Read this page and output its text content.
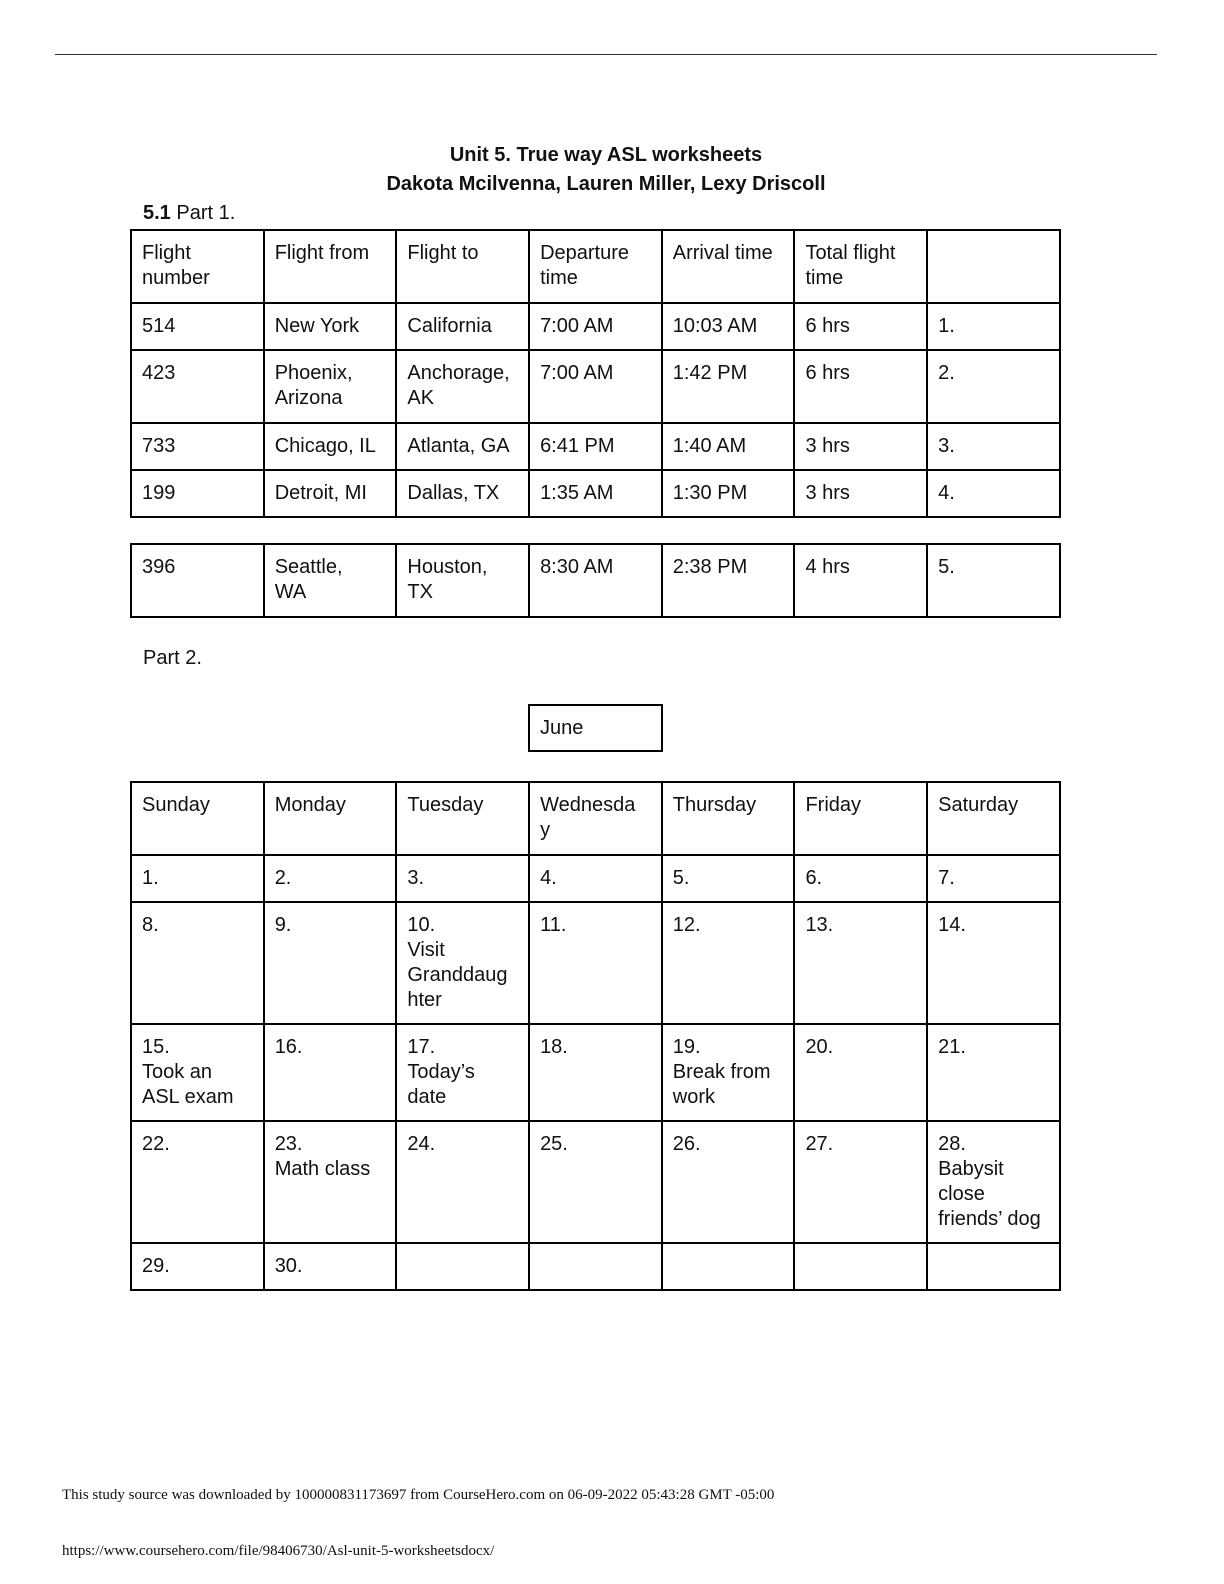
Unit 5. True way ASL worksheets
Dakota Mcilvenna, Lauren Miller, Lexy Driscoll
5.1 Part 1.
Flight
number	Flight from	Flight to	Departure
time	Arrival time	Total flight
time	
514	New York	California	7:00 AM	10:03 AM	6 hrs	1.
423	Phoenix,
Arizona	Anchorage,
AK	7:00 AM	1:42 PM	6 hrs	2.
733	Chicago, IL	Atlanta, GA	6:41 PM	1:40 AM	3 hrs	3.
199	Detroit, MI	Dallas, TX	1:35 AM	1:30 PM	3 hrs	4.
396	Seattle,
WA	Houston,
TX	8:30 AM	2:38 PM	4 hrs	5.
Part 2.
June
Sunday	Monday	Tuesday	Wednesda
y	Thursday	Friday	Saturday
1.	2.	3.	4.	5.	6.	7.
8.	9.	10.
Visit
Granddaug
hter	11.	12.	13.	14.
15.
Took an
ASL exam	16.	17.
Today’s
date	18.	19.
Break from
work	20.	21.
22.	23.
Math class	24.	25.	26.	27.	28.
Babysit
close
friends’ dog
29.	30.					
This study source was downloaded by 100000831173697 from CourseHero.com on 06-09-2022 05:43:28 GMT -05:00
https://www.coursehero.com/file/98406730/Asl-unit-5-worksheetsdocx/
